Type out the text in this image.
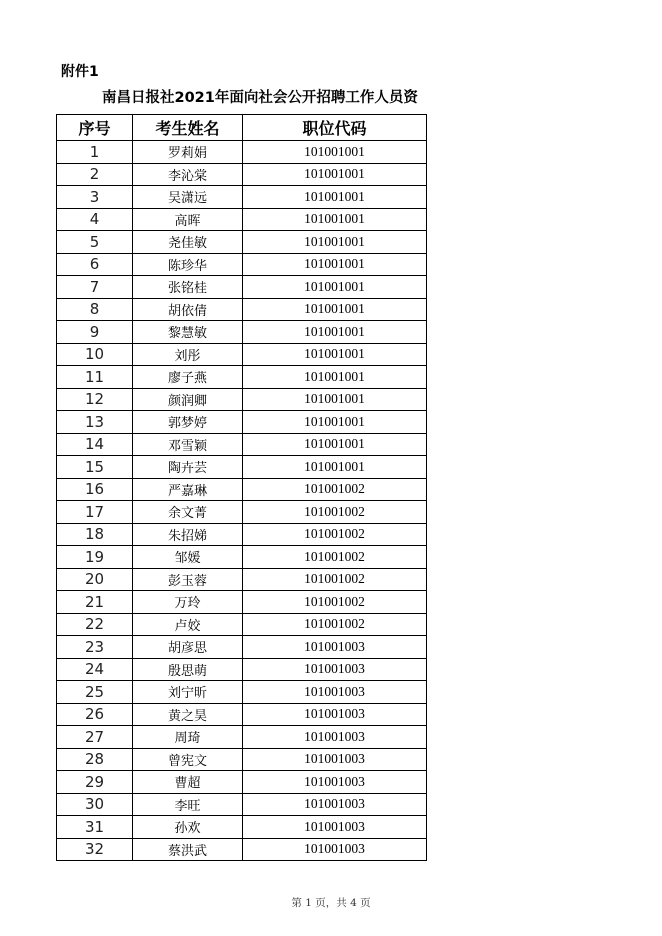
附件1
南昌日报社2021年面向社会公开招聘工作人员资
序号	考生姓名	职位代码
1	罗莉娟	101001001
2	李沁棠	101001001
3	吴潇远	101001001
4	高晖	101001001
5	尧佳敏	101001001
6	陈珍华	101001001
7	张铭桂	101001001
8	胡依倩	101001001
9	黎慧敏	101001001
10	刘彤	101001001
11	廖子燕	101001001
12	颜润卿	101001001
13	郭梦婷	101001001
14	邓雪颖	101001001
15	陶卉芸	101001001
16	严嘉琳	101001002
17	余文菁	101001002
18	朱招娣	101001002
19	邹媛	101001002
20	彭玉蓉	101001002
21	万玲	101001002
22	卢姣	101001002
23	胡彦思	101001003
24	殷思萌	101001003
25	刘宁昕	101001003
26	黄之昊	101001003
27	周琦	101001003
28	曾宪文	101001003
29	曹超	101001003
30	李旺	101001003
31	孙欢	101001003
32	蔡洪武	101001003
第 1 页，共 4 页
